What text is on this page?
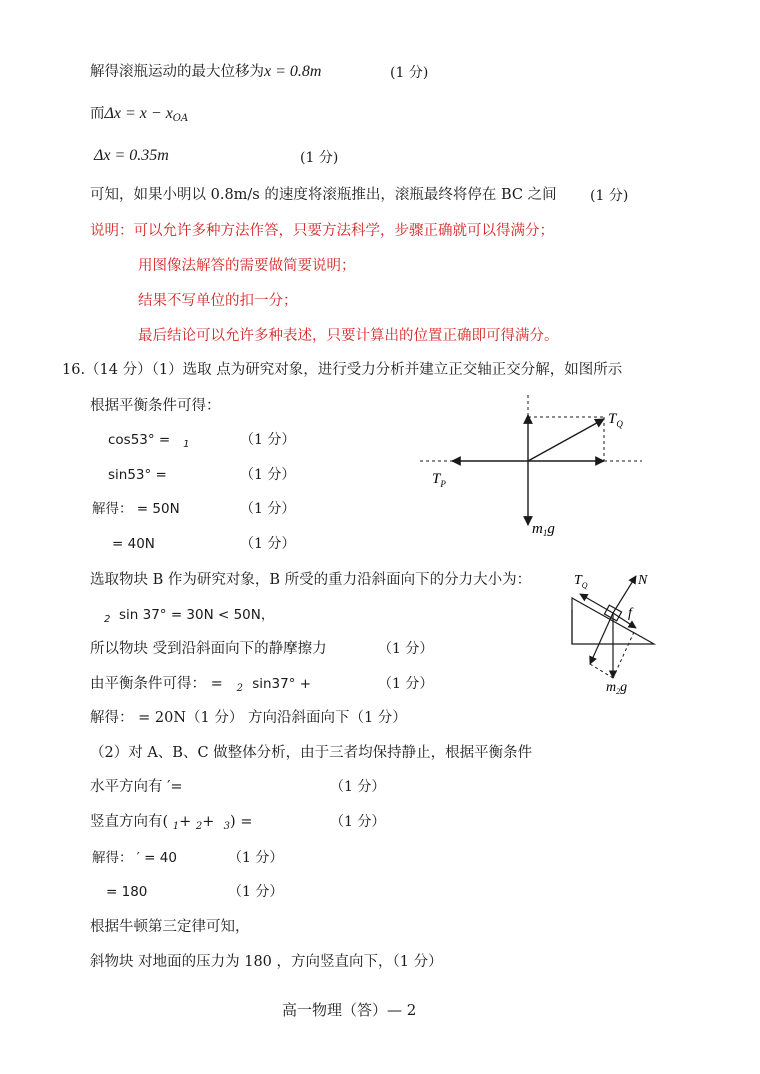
解得滚瓶运动的最大位移为x = 0.8m	(1 分)
而$\Delta x = x - x_{OA}$
Δx = 0.35m	(1 分)
可知，如果小明以 0.8m/s 的速度将滚瓶推出，滚瓶最终将停在 BC 之间 (1 分)
说明：可以允许多种方法作答，只要方法科学，步骤正确就可以得满分；
用图像法解答的需要做简要说明；
结果不写单位的扣一分；
最后结论可以允许多种表述，只要计算出的位置正确即可得满分。
16.（14 分）（1）选取 点为研究对象，进行受力分析并建立正交轴正交分解，如图所示
根据平衡条件可得：
cos53° = $_1$	（1 分）
sin53° =	（1 分）
解得： = 50N	（1 分）
= 40N	（1 分）
$T_Q$
$T_P$
$m_1g$
选取物块 B 作为研究对象，B 所受的重力沿斜面向下的分力大小为：
$_2$ sin 37° = 30N < 50N，
所以物块 受到沿斜面向下的静摩擦力	（1 分）
由平衡条件可得： = $_2$ sin37° +	（1 分）
解得： = 20N（1 分） 方向沿斜面向下（1 分）
$T_Q$	N
f
$m_2g$
（2）对 A、B、C 做整体分析，由于三者均保持静止，根据平衡条件
水平方向有 ′=	（1 分）
竖直方向有( $_1$+ $_2$+ $_3$) =	（1 分）
解得： ′ = 40	（1 分）
= 180	（1 分）
根据牛顿第三定律可知，
斜物块 对地面的压力为 180 ，方向竖直向下，（1 分）
高一物理（答）— 2
